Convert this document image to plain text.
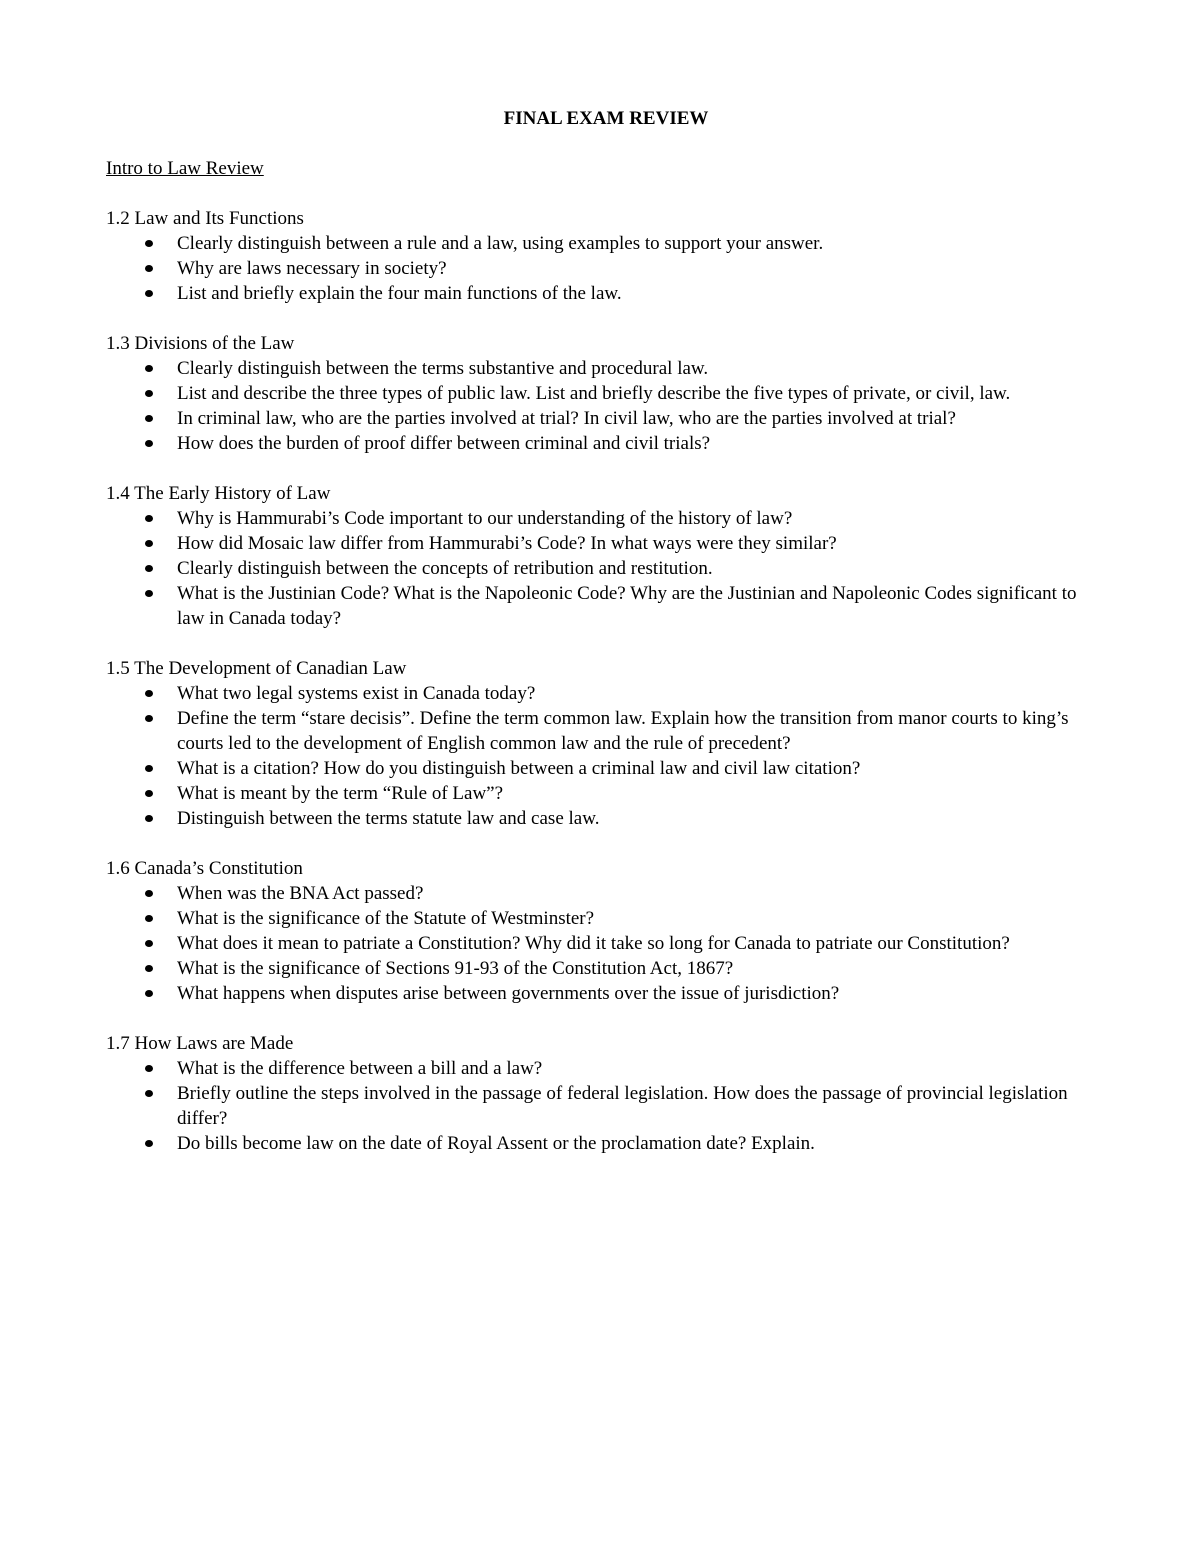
FINAL EXAM REVIEW
Intro to Law Review
1.2 Law and Its Functions
Clearly distinguish between a rule and a law, using examples to support your answer.
Why are laws necessary in society?
List and briefly explain the four main functions of the law.
1.3 Divisions of the Law
Clearly distinguish between the terms substantive and procedural law.
List and describe the three types of public law. List and briefly describe the five types of private, or civil, law.
In criminal law, who are the parties involved at trial? In civil law, who are the parties involved at trial?
How does the burden of proof differ between criminal and civil trials?
1.4 The Early History of Law
Why is Hammurabi’s Code important to our understanding of the history of law?
How did Mosaic law differ from Hammurabi’s Code? In what ways were they similar?
Clearly distinguish between the concepts of retribution and restitution.
What is the Justinian Code? What is the Napoleonic Code? Why are the Justinian and Napoleonic Codes significant to law in Canada today?
1.5 The Development of Canadian Law
What two legal systems exist in Canada today?
Define the term “stare decisis”. Define the term common law. Explain how the transition from manor courts to king’s courts led to the development of English common law and the rule of precedent?
What is a citation? How do you distinguish between a criminal law and civil law citation?
What is meant by the term “Rule of Law”?
Distinguish between the terms statute law and case law.
1.6 Canada’s Constitution
When was the BNA Act passed?
What is the significance of the Statute of Westminster?
What does it mean to patriate a Constitution? Why did it take so long for Canada to patriate our Constitution?
What is the significance of Sections 91-93 of the Constitution Act, 1867?
What happens when disputes arise between governments over the issue of jurisdiction?
1.7 How Laws are Made
What is the difference between a bill and a law?
Briefly outline the steps involved in the passage of federal legislation. How does the passage of provincial legislation differ?
Do bills become law on the date of Royal Assent or the proclamation date? Explain.
